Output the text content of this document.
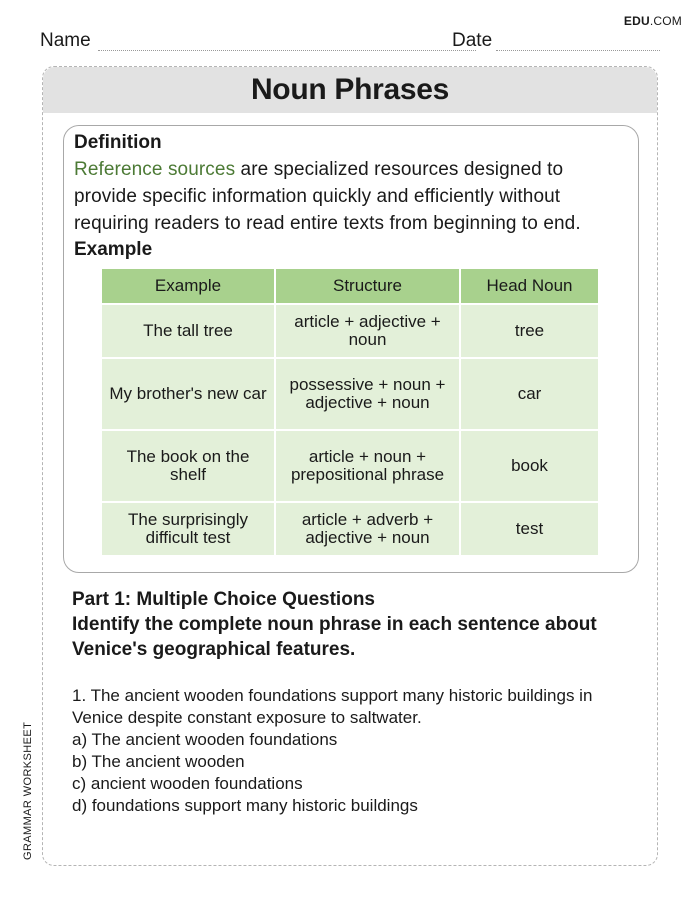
EDU.COM
Name	Date
Noun Phrases
Definition
Reference sources are specialized resources designed to provide specific information quickly and efficiently without requiring readers to read entire texts from beginning to end.
Example
Example	Structure	Head Noun
The tall tree	article + adjective + noun	tree
My brother's new car	possessive + noun + adjective + noun	car
The book on the shelf	article + noun + prepositional phrase	book
The surprisingly difficult test	article + adverb + adjective + noun	test
Part 1: Multiple Choice Questions
Identify the complete noun phrase in each sentence about Venice's geographical features.
1. The ancient wooden foundations support many historic buildings in Venice despite constant exposure to saltwater.
a) The ancient wooden foundations
b) The ancient wooden
c) ancient wooden foundations
d) foundations support many historic buildings
GRAMMAR WORKSHEET
